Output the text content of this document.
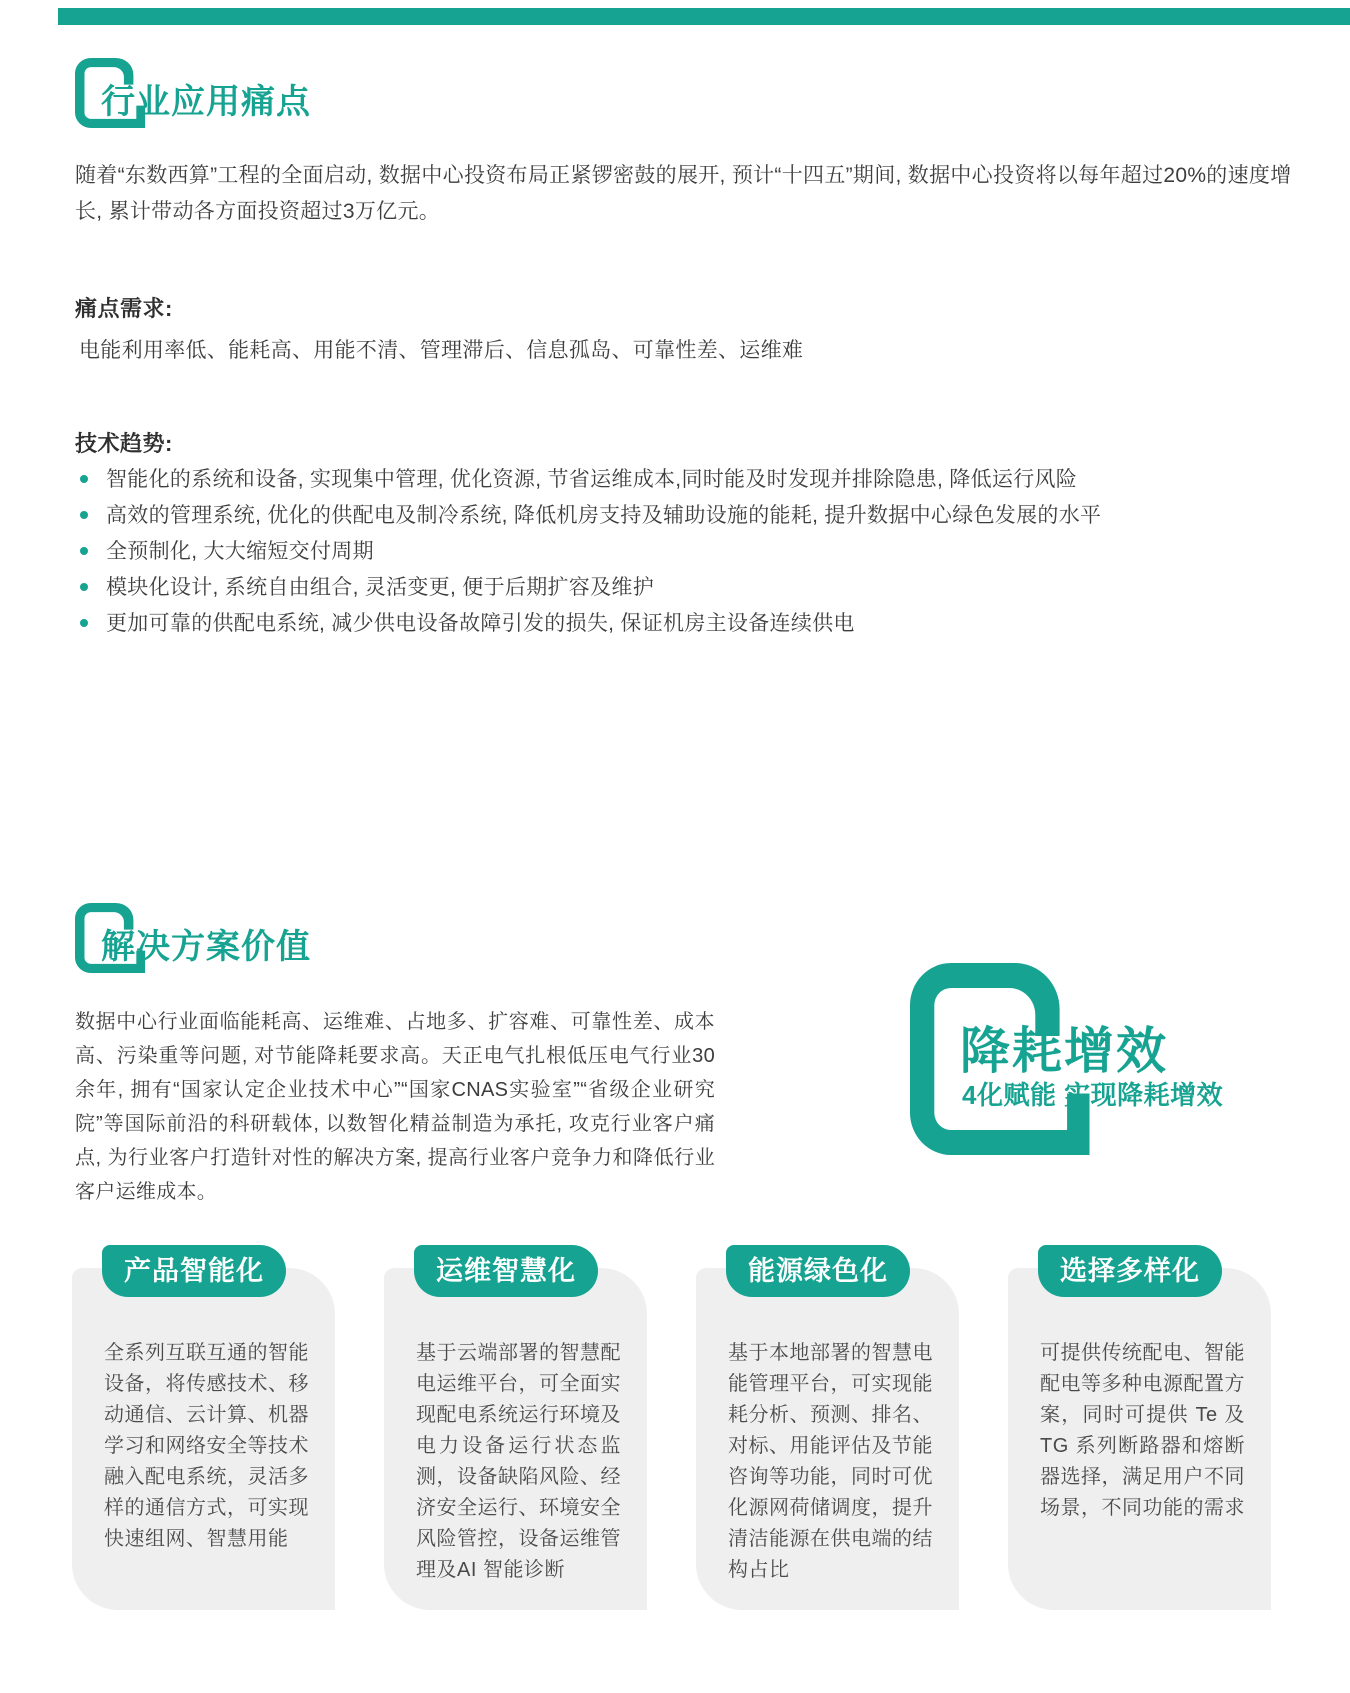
行业应用痛点
随着“东数西算”工程的全面启动, 数据中心投资布局正紧锣密鼓的展开, 预计“十四五”期间, 数据中心投资将以每年超过20%的速度增长, 累计带动各方面投资超过3万亿元。
痛点需求:
电能利用率低、能耗高、用能不清、管理滞后、信息孤岛、可靠性差、运维难
技术趋势:
智能化的系统和设备, 实现集中管理, 优化资源, 节省运维成本,同时能及时发现并排除隐患, 降低运行风险
高效的管理系统, 优化的供配电及制冷系统, 降低机房支持及辅助设施的能耗, 提升数据中心绿色发展的水平
全预制化, 大大缩短交付周期
模块化设计, 系统自由组合, 灵活变更, 便于后期扩容及维护
更加可靠的供配电系统, 减少供电设备故障引发的损失, 保证机房主设备连续供电
解决方案价值
数据中心行业面临能耗高、运维难、占地多、扩容难、可靠性差、成本高、污染重等问题, 对节能降耗要求高。天正电气扎根低压电气行业30余年, 拥有“国家认定企业技术中心”“国家CNAS实验室”“省级企业研究院”等国际前沿的科研载体, 以数智化精益制造为承托, 攻克行业客户痛点, 为行业客户打造针对性的解决方案, 提高行业客户竞争力和降低行业客户运维成本。
降耗增效
4化赋能 实现降耗增效
产品智能化
全系列互联互通的智能设备，将传感技术、移动通信、云计算、机器学习和网络安全等技术融入配电系统，灵活多样的通信方式，可实现快速组网、智慧用能
运维智慧化
基于云端部署的智慧配电运维平台，可全面实现配电系统运行环境及电力设备运行状态监测，设备缺陷风险、经济安全运行、环境安全风险管控，设备运维管理及AI 智能诊断
能源绿色化
基于本地部署的智慧电能管理平台，可实现能耗分析、预测、排名、对标、用能评估及节能咨询等功能，同时可优化源网荷储调度，提升清洁能源在供电端的结构占比
选择多样化
可提供传统配电、智能配电等多种电源配置方案，同时可提供 Te 及TG 系列断路器和熔断器选择，满足用户不同场景，不同功能的需求
